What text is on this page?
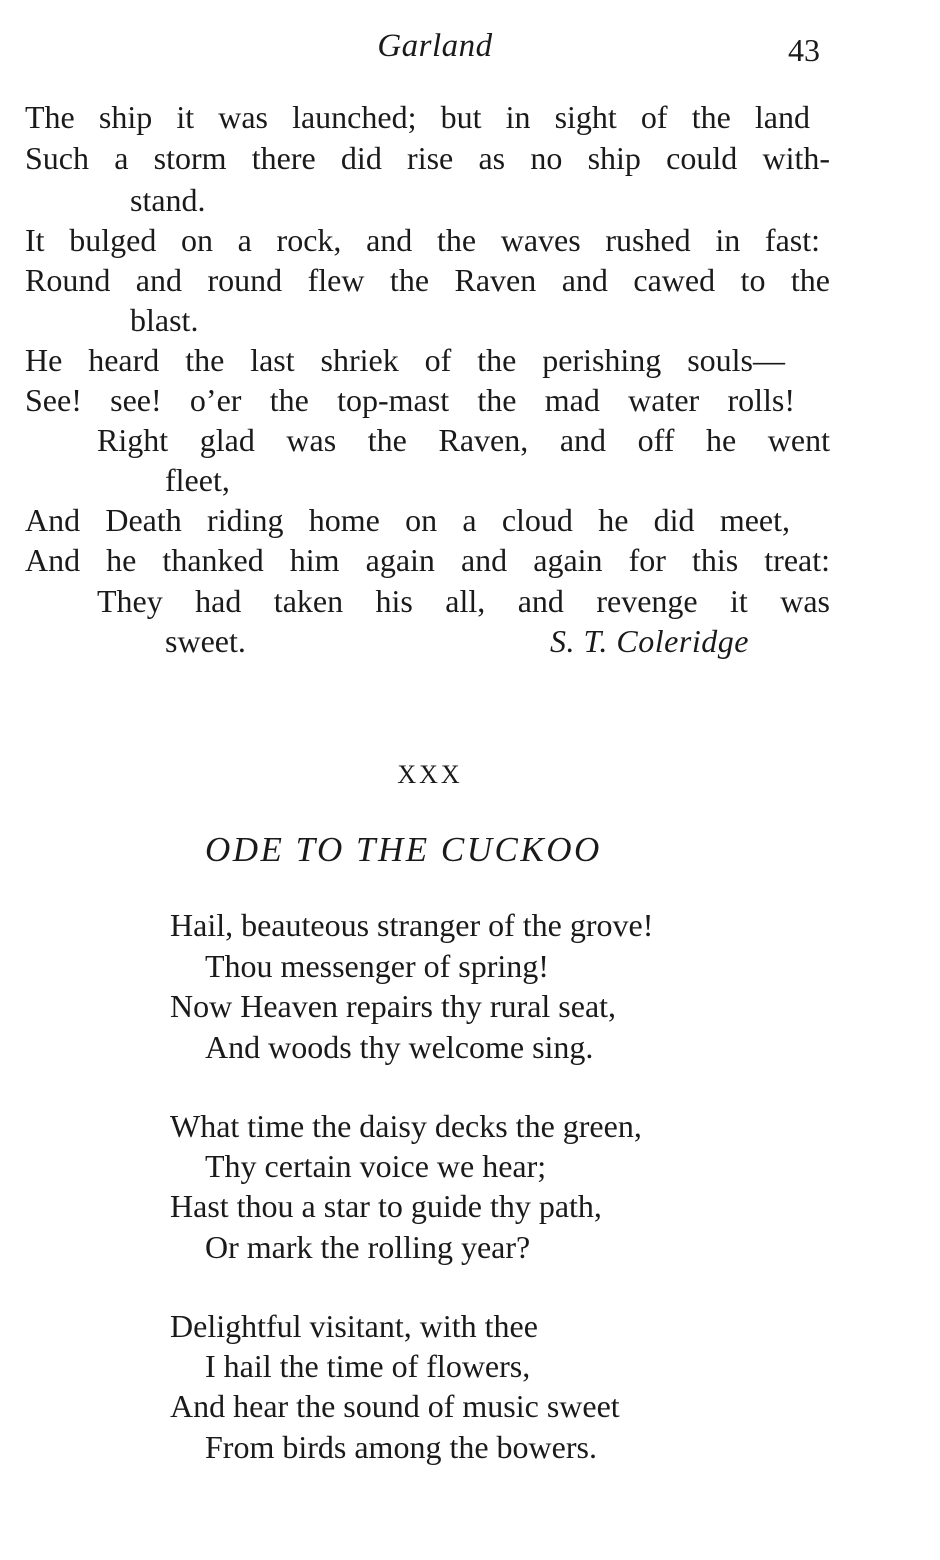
Garland	43
The ship it was launched; but in sight of the land
Such a storm there did rise as no ship could with-
stand.
It bulged on a rock, and the waves rushed in fast:
Round and round flew the Raven and cawed to the
blast.
He heard the last shriek of the perishing souls—
See! see! o’er the top-mast the mad water rolls!
Right glad was the Raven, and off he went
fleet,
And Death riding home on a cloud he did meet,
And he thanked him again and again for this treat:
They had taken his all, and revenge it was
sweet.	S. T. Coleridge
XXX
ODE TO THE CUCKOO
Hail, beauteous stranger of the grove!
Thou messenger of spring!
Now Heaven repairs thy rural seat,
And woods thy welcome sing.
What time the daisy decks the green,
Thy certain voice we hear;
Hast thou a star to guide thy path,
Or mark the rolling year?
Delightful visitant, with thee
I hail the time of flowers,
And hear the sound of music sweet
From birds among the bowers.
